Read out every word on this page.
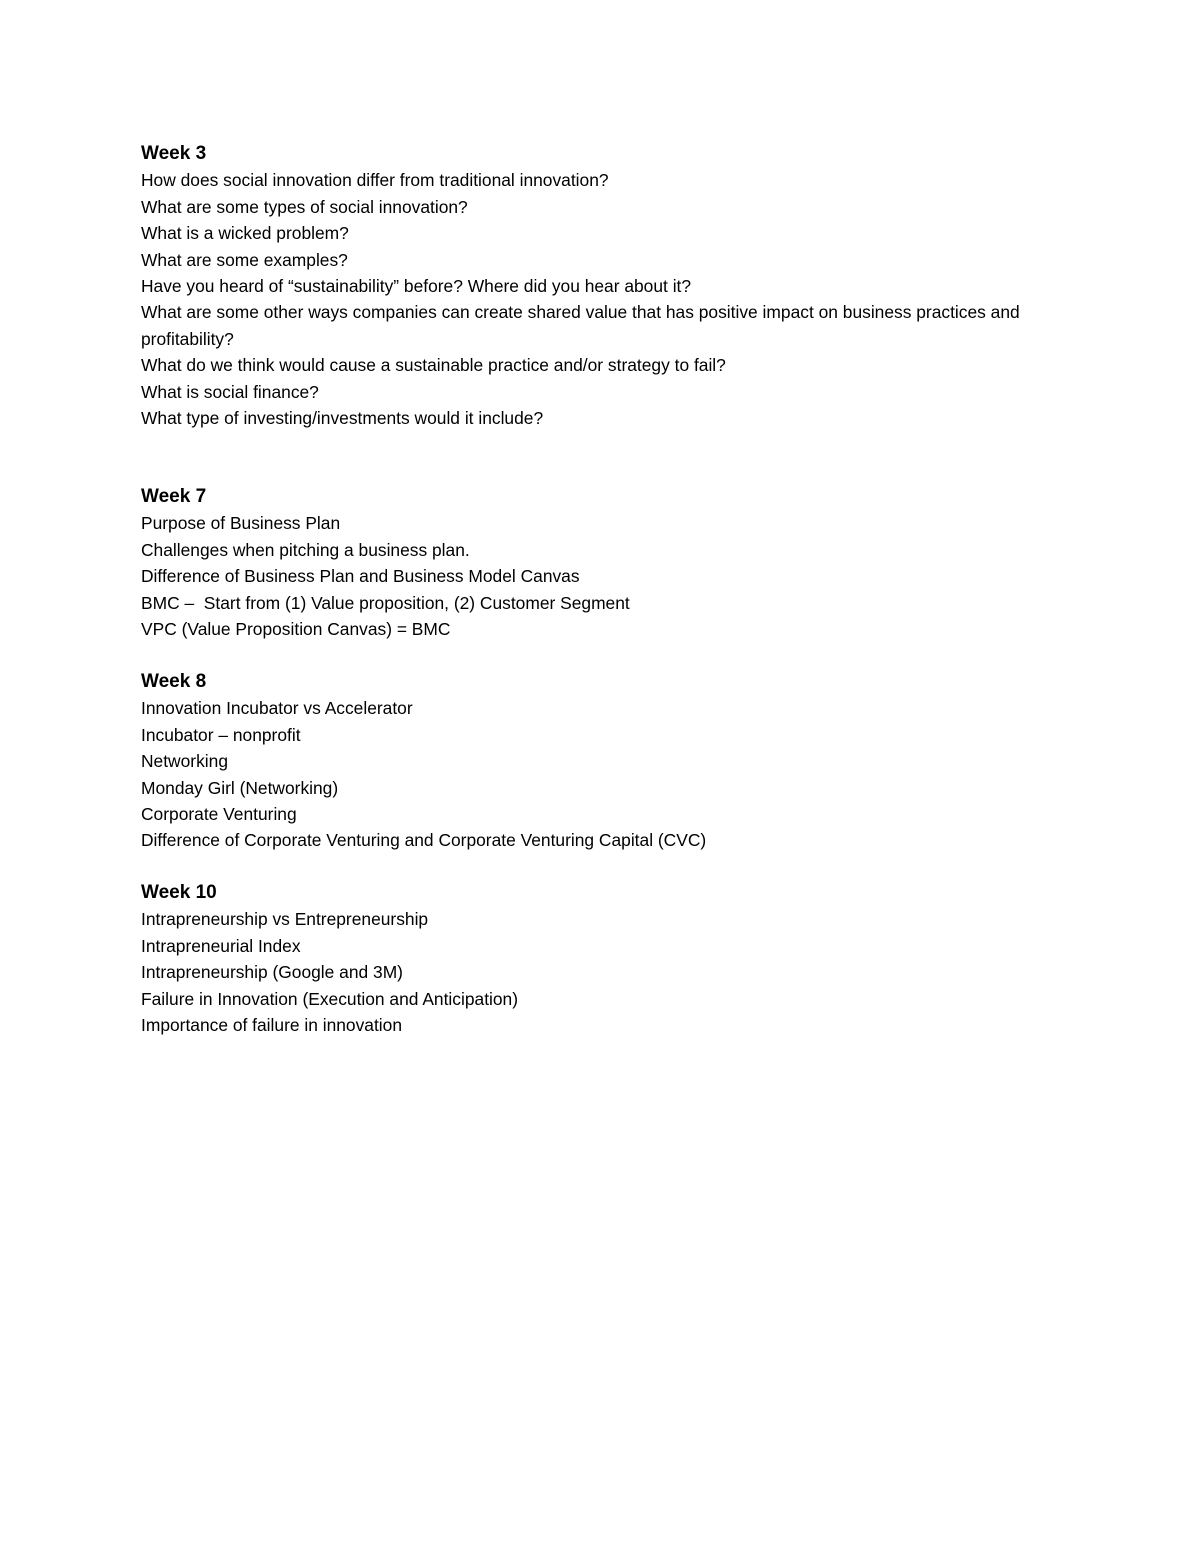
Week 3

How does social innovation differ from traditional innovation?

What are some types of social innovation?

What is a wicked problem?

What are some examples?

Have you heard of “sustainability” before? Where did you hear about it?

What are some other ways companies can create shared value that has positive impact on business practices and profitability?

What do we think would cause a sustainable practice and/or strategy to fail?

What is social finance?

What type of investing/investments would it include?

Week 7

Purpose of Business Plan

Challenges when pitching a business plan.

Difference of Business Plan and Business Model Canvas

BMC –  Start from (1) Value proposition, (2) Customer Segment

VPC (Value Proposition Canvas) = BMC

Week 8

Innovation Incubator vs Accelerator

Incubator – nonprofit

Networking

Monday Girl (Networking)

Corporate Venturing

Difference of Corporate Venturing and Corporate Venturing Capital (CVC)

Week 10

Intrapreneurship vs Entrepreneurship

Intrapreneurial Index

Intrapreneurship (Google and 3M)

Failure in Innovation (Execution and Anticipation)

Importance of failure in innovation
